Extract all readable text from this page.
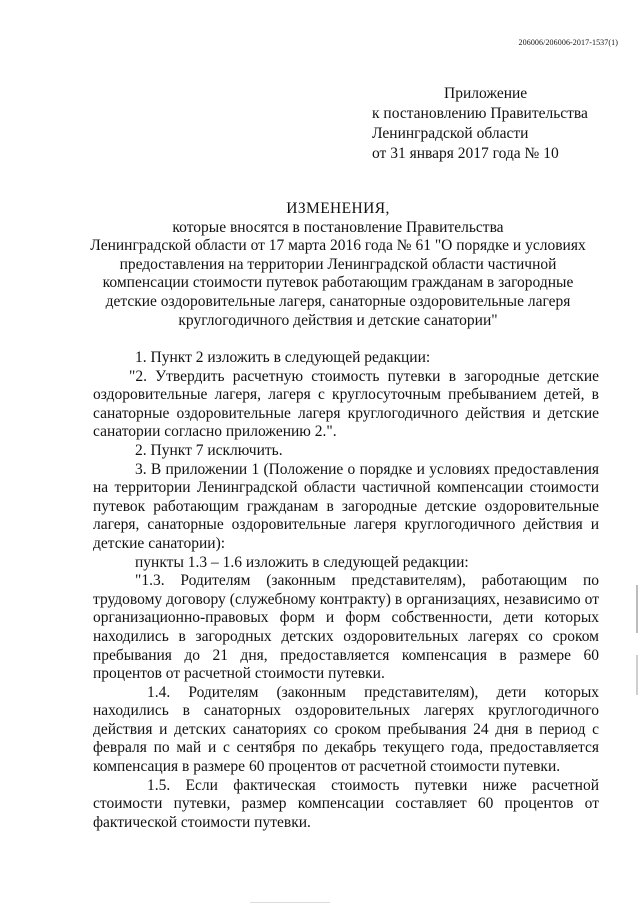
206006/206006-2017-1537(1)
Приложение
к постановлению Правительства
Ленинградской области
от 31 января 2017 года № 10
ИЗМЕНЕНИЯ,
которые вносятся в постановление Правительства
Ленинградской области от 17 марта 2016 года № 61 "О порядке и условиях
предоставления на территории Ленинградской области частичной
компенсации стоимости путевок работающим гражданам в загородные
детские оздоровительные лагеря, санаторные оздоровительные лагеря
круглогодичного действия и детские санатории"

1. Пункт 2 изложить в следующей редакции:

"2. Утвердить расчетную стоимость путевки в загородные детские оздоровительные лагеря, лагеря с круглосуточным пребыванием детей, в санаторные оздоровительные лагеря круглогодичного действия и детские санатории согласно приложению 2.".

2. Пункт 7 исключить.

3. В приложении 1 (Положение о порядке и условиях предоставления на территории Ленинградской области частичной компенсации стоимости путевок работающим гражданам в загородные детские оздоровительные лагеря, санаторные оздоровительные лагеря круглогодичного действия и детские санатории):

пункты 1.3 – 1.6 изложить в следующей редакции:

"1.3. Родителям (законным представителям), работающим по трудовому договору (служебному контракту) в организациях, независимо от организационно-правовых форм и форм собственности, дети которых находились в загородных детских оздоровительных лагерях со сроком пребывания до 21 дня, предоставляется компенсация в размере 60 процентов от расчетной стоимости путевки.

1.4. Родителям (законным представителям), дети которых находились в санаторных оздоровительных лагерях круглогодичного действия и детских санаториях со сроком пребывания 24 дня в период с февраля по май и с сентября по декабрь текущего года, предоставляется компенсация в размере 60 процентов от расчетной стоимости путевки.

1.5. Если фактическая стоимость путевки ниже расчетной стоимости путевки, размер компенсации составляет 60 процентов от фактической стоимости путевки.
